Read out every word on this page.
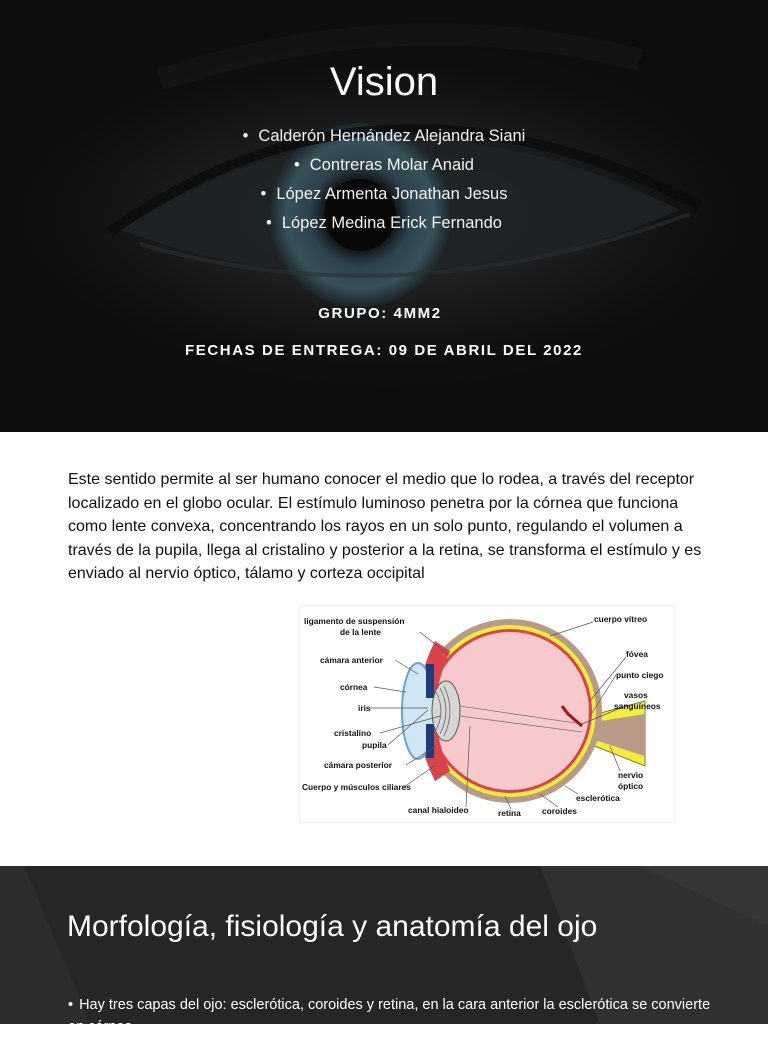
Vision
• Calderón Hernández Alejandra Siani
• Contreras Molar Anaid
• López Armenta Jonathan Jesus
• López Medina Erick Fernando
GRUPO: 4MM2
FECHAS DE ENTREGA: 09 DE ABRIL DEL 2022

Este sentido permite al ser humano conocer el medio que lo rodea, a través del receptor localizado en el globo ocular. El estímulo luminoso penetra por la córnea que funciona como lente convexa, concentrando los rayos en un solo punto, regulando el volumen a través de la pupila, llega al cristalino y posterior a la retina, se transforma el estímulo y es enviado al nervio óptico, tálamo y corteza occipital

ligamento de suspensión
de la lente
cámara anterior
córnea
iris
cristalino
pupila
cámara posterior
Cuerpo y músculos ciliares
canal hialoideo	retina	coroides
esclerótica
nervio
óptico
vasos
sanguíneos
punto ciego
fóvea
cuerpo vítreo
Morfología, fisiología y anatomía del ojo

• Hay tres capas del ojo: esclerótica, coroides y retina, en la cara anterior la esclerótica se convierte en córnea
